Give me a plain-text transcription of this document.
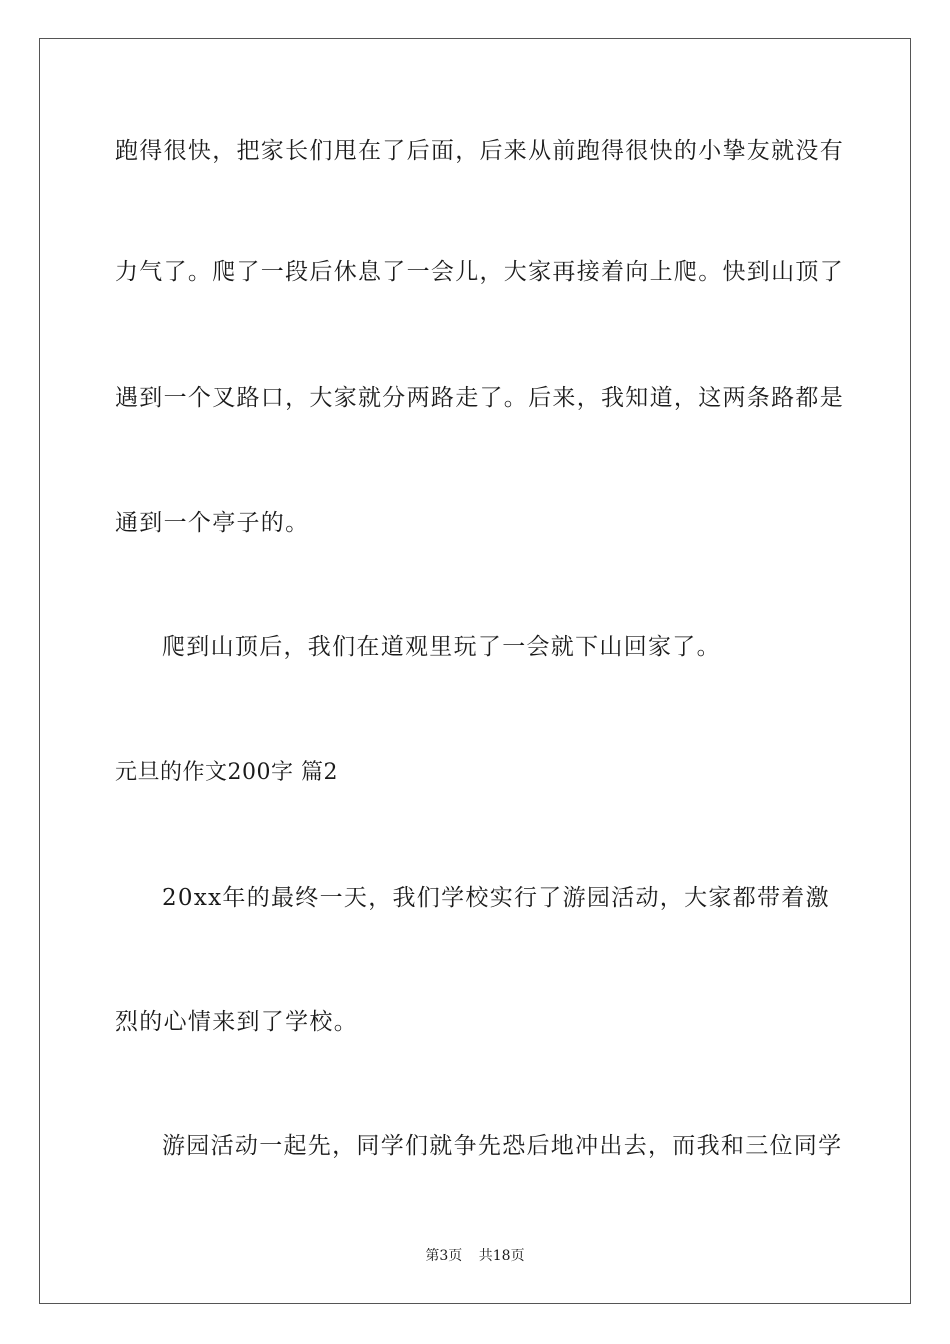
跑得很快，把家长们甩在了后面，后来从前跑得很快的小挚友就没有
力气了。爬了一段后休息了一会儿，大家再接着向上爬。快到山顶了
遇到一个叉路口，大家就分两路走了。后来，我知道，这两条路都是
通到一个亭子的。
爬到山顶后，我们在道观里玩了一会就下山回家了。
元旦的作文200字 篇2
20xx年的最终一天，我们学校实行了游园活动，大家都带着激
烈的心情来到了学校。
游园活动一起先，同学们就争先恐后地冲出去，而我和三位同学
第3页 共18页
